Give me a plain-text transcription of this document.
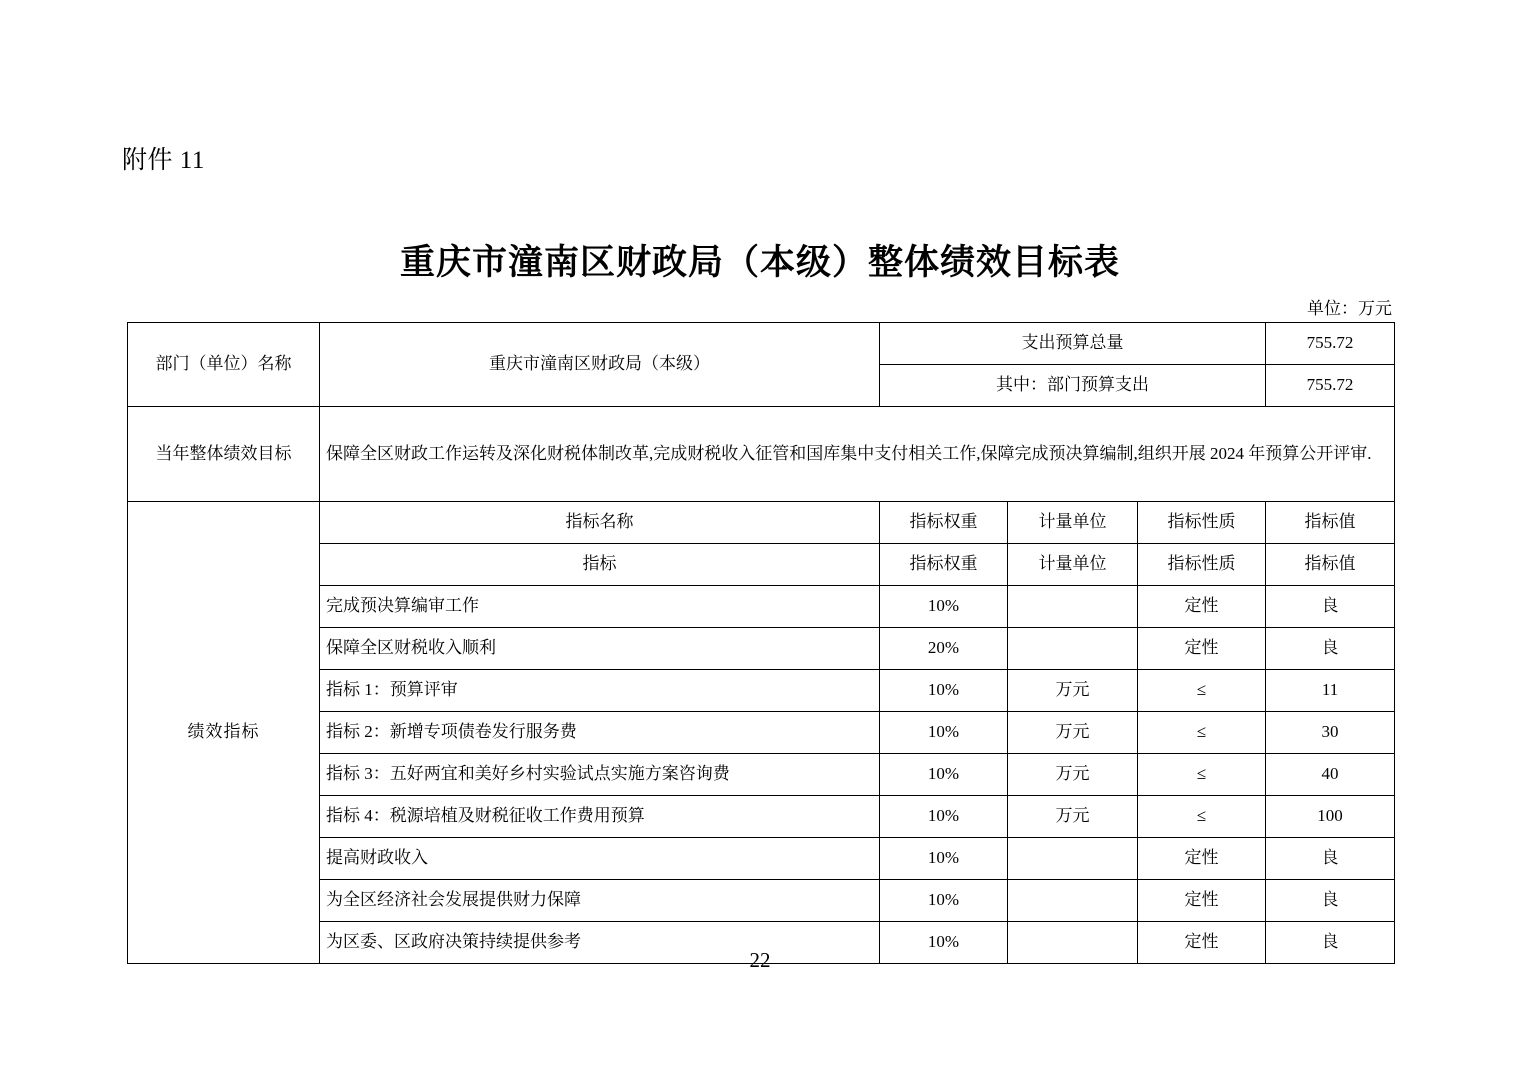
附件 11
重庆市潼南区财政局（本级）整体绩效目标表
单位：万元
部门（单位）名称	重庆市潼南区财政局（本级）	支出预算总量			755.72
		其中：部门预算支出			755.72
当年整体绩效目标	保障全区财政工作运转及深化财税体制改革,完成财税收入征管和国库集中支付相关工作,保障完成预决算编制,组织开展 2024 年预算公开评审.				
绩效指标	指标名称	指标权重	计量单位	指标性质	指标值
	指标	指标权重	计量单位	指标性质	指标值
	完成预决算编审工作	10%		定性	良
	保障全区财税收入顺利	20%		定性	良
	指标 1：预算评审	10%	万元	≤	11
	指标 2：新增专项债卷发行服务费	10%	万元	≤	30
	指标 3：五好两宜和美好乡村实验试点实施方案咨询费	10%	万元	≤	40
	指标 4：税源培植及财税征收工作费用预算	10%	万元	≤	100
	提高财政收入	10%		定性	良
	为全区经济社会发展提供财力保障	10%		定性	良
	为区委、区政府决策持续提供参考	10%		定性	良
22
